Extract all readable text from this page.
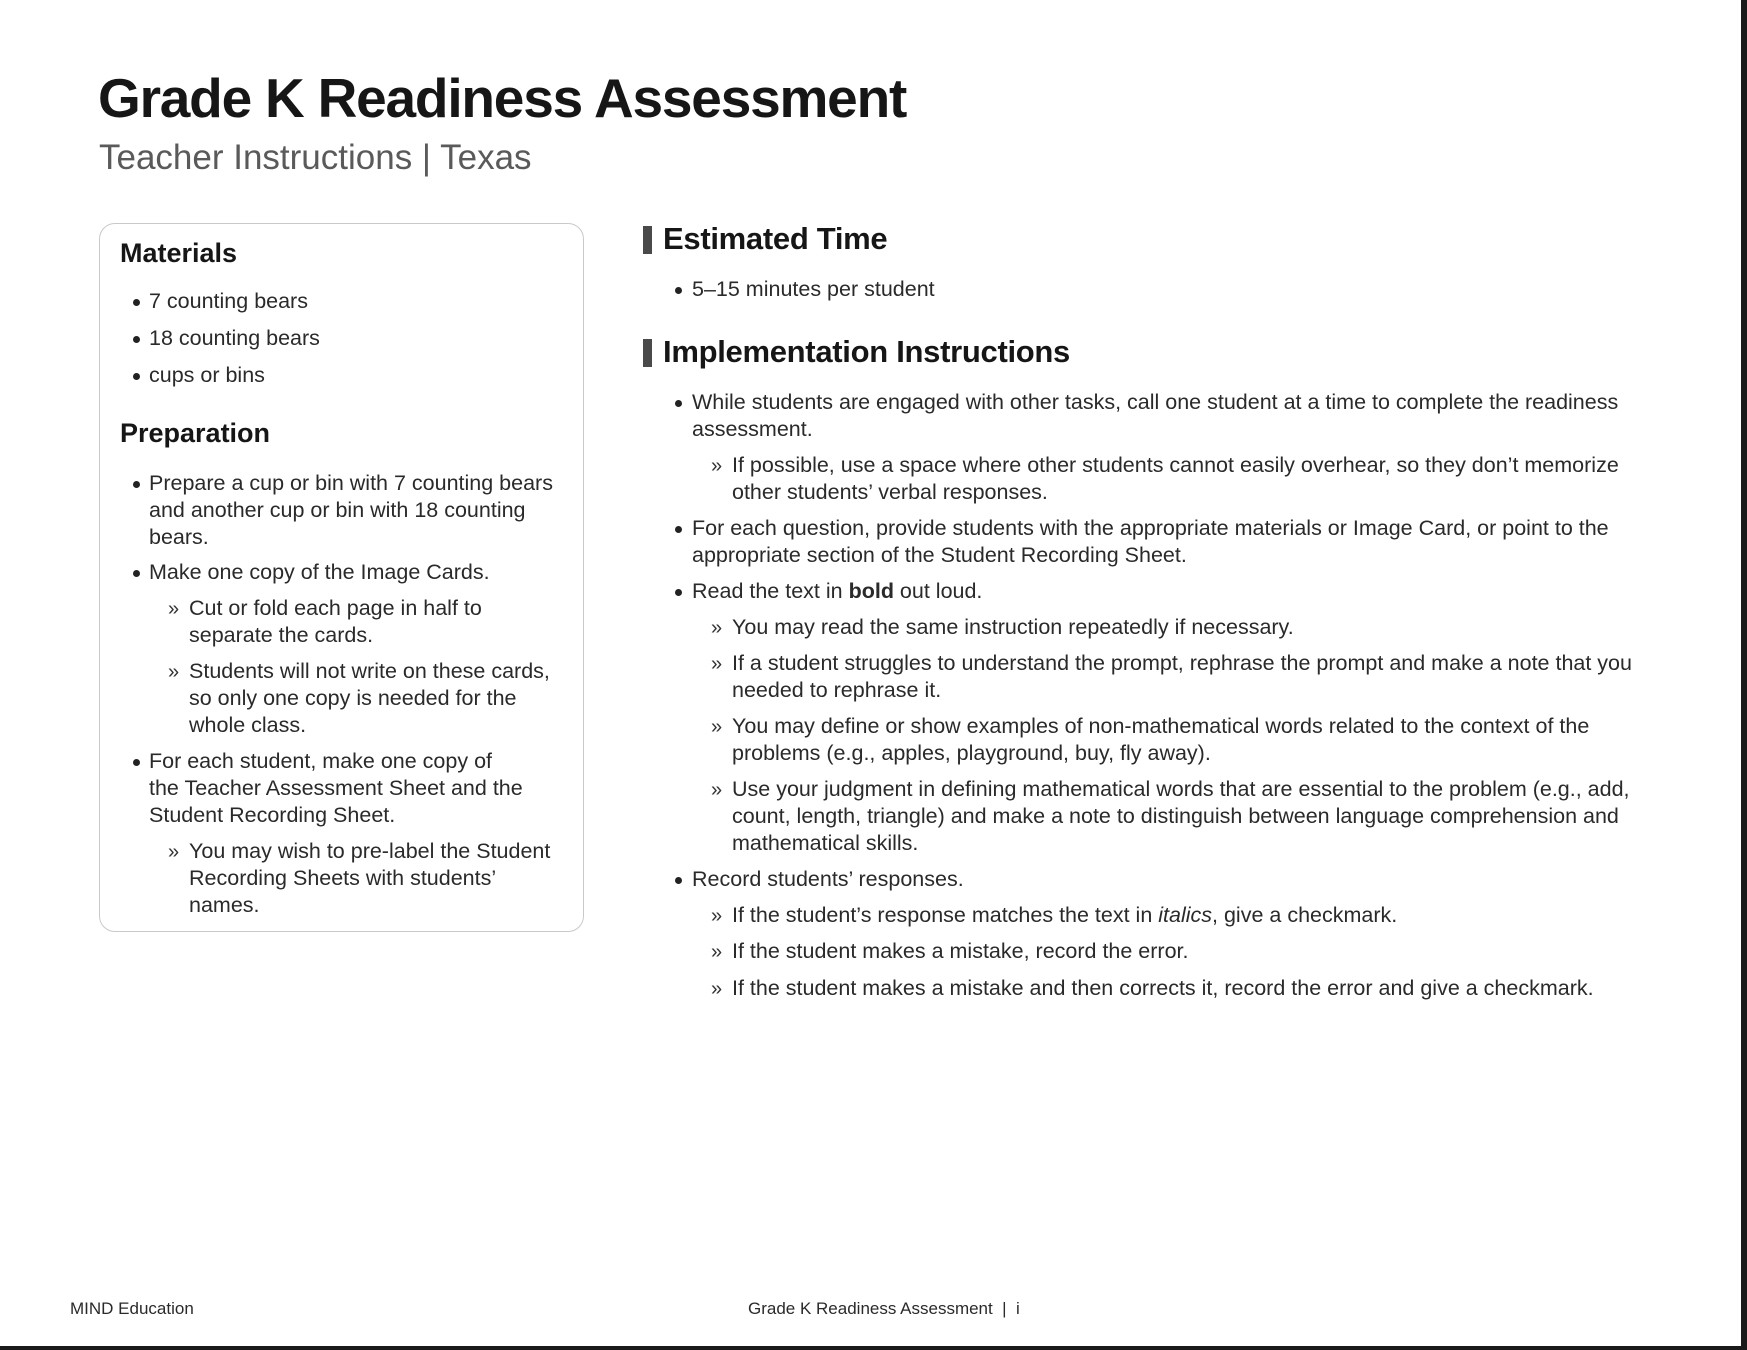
Grade K Readiness Assessment
Teacher Instructions | Texas
Materials
7 counting bears
18 counting bears
cups or bins
Preparation
Prepare a cup or bin with 7 counting bears
and another cup or bin with 18 counting
bears.
Make one copy of the Image Cards.
» Cut or fold each page in half to
separate the cards.
» Students will not write on these cards,
so only one copy is needed for the
whole class.
For each student, make one copy of
the Teacher Assessment Sheet and the
Student Recording Sheet.
» You may wish to pre-label the Student
Recording Sheets with students’
names.
Estimated Time
5–15 minutes per student
Implementation Instructions
While students are engaged with other tasks, call one student at a time to complete the readiness
assessment.
» If possible, use a space where other students cannot easily overhear, so they don’t memorize
other students’ verbal responses.
For each question, provide students with the appropriate materials or Image Card, or point to the
appropriate section of the Student Recording Sheet.
Read the text in bold out loud.
» You may read the same instruction repeatedly if necessary.
» If a student struggles to understand the prompt, rephrase the prompt and make a note that you
needed to rephrase it.
» You may define or show examples of non-mathematical words related to the context of the
problems (e.g., apples, playground, buy, fly away).
» Use your judgment in defining mathematical words that are essential to the problem (e.g., add,
count, length, triangle) and make a note to distinguish between language comprehension and
mathematical skills.
Record students’ responses.
» If the student’s response matches the text in italics, give a checkmark.
» If the student makes a mistake, record the error.
» If the student makes a mistake and then corrects it, record the error and give a checkmark.
MIND Education	Grade K Readiness Assessment  |  i
